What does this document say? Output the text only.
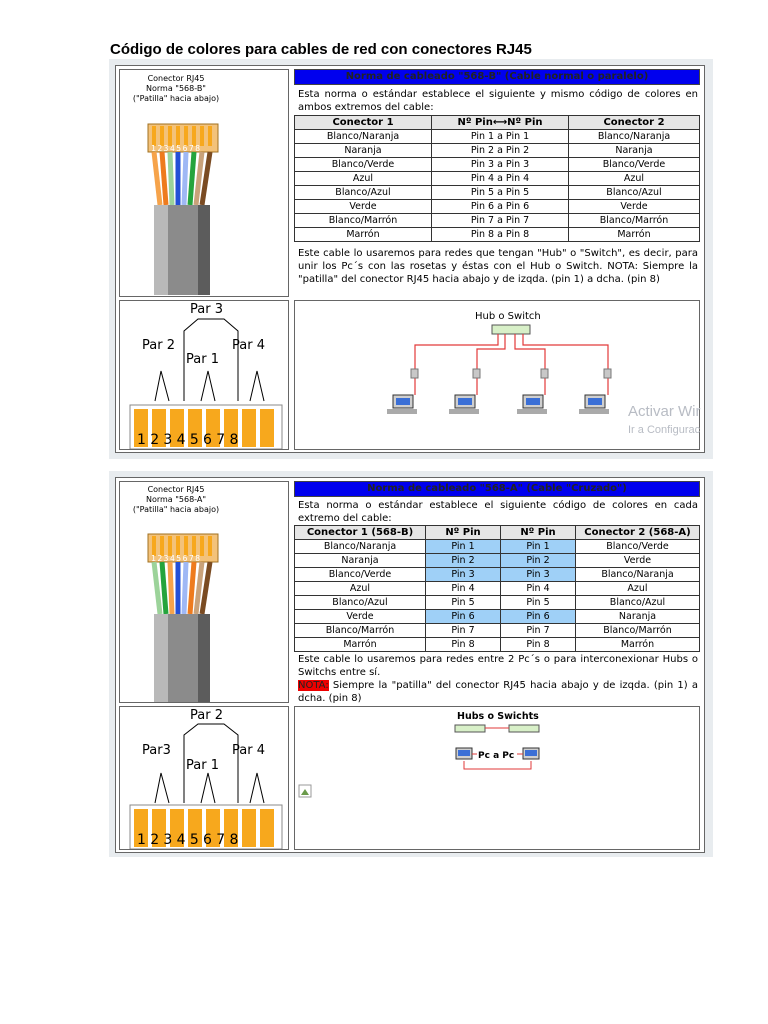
Código de colores para cables de red con conectores RJ45
Conector RJ45
Norma "568-B"
("Patilla" hacia abajo)
12345678
Norma de cableado "568-B" (Cable normal o paralelo)
Esta norma o estándar establece el siguiente y mismo código de colores en ambos extremos del cable:
Conector 1	Nº Pin⟷Nº Pin	Conector 2
Blanco/Naranja	Pin 1 a Pin 1	Blanco/Naranja
Naranja	Pin 2 a Pin 2	Naranja
Blanco/Verde	Pin 3 a Pin 3	Blanco/Verde
Azul	Pin 4 a Pin 4	Azul
Blanco/Azul	Pin 5 a Pin 5	Blanco/Azul
Verde	Pin 6 a Pin 6	Verde
Blanco/Marrón	Pin 7 a Pin 7	Blanco/Marrón
Marrón	Pin 8 a Pin 8	Marrón
Este cable lo usaremos para redes que tengan "Hub" o "Switch", es decir, para unir los Pc´s con las rosetas y éstas con el Hub o Switch. NOTA: Siempre la "patilla" del conector RJ45 hacia abajo y de izqda. (pin 1) a dcha. (pin 8)
Par 3
Par 2
Par 1
Par 4
12345678
Hub o Switch
Activar Wir
Ir a Configurac
Conector RJ45
Norma "568-A"
("Patilla" hacia abajo)
12345678
Norma de cableado "568-A" (Cable "Cruzado")
Esta norma o estándar establece el siguiente código de colores en cada extremo del cable:
Conector 1 (568-B)	Nº Pin	Nº Pin	Conector 2 (568-A)
Blanco/Naranja	Pin 1	Pin 1	Blanco/Verde
Naranja	Pin 2	Pin 2	Verde
Blanco/Verde	Pin 3	Pin 3	Blanco/Naranja
Azul	Pin 4	Pin 4	Azul
Blanco/Azul	Pin 5	Pin 5	Blanco/Azul
Verde	Pin 6	Pin 6	Naranja
Blanco/Marrón	Pin 7	Pin 7	Blanco/Marrón
Marrón	Pin 8	Pin 8	Marrón
Este cable lo usaremos para redes entre 2 Pc´s o para interconexionar Hubs o Switchs entre sí.
NOTA: Siempre la "patilla" del conector RJ45 hacia abajo y de izqda. (pin 1) a dcha. (pin 8)
Par 2
Par3
Par 1
Par 4
12345678
Hubs o Swichts
Pc a Pc
